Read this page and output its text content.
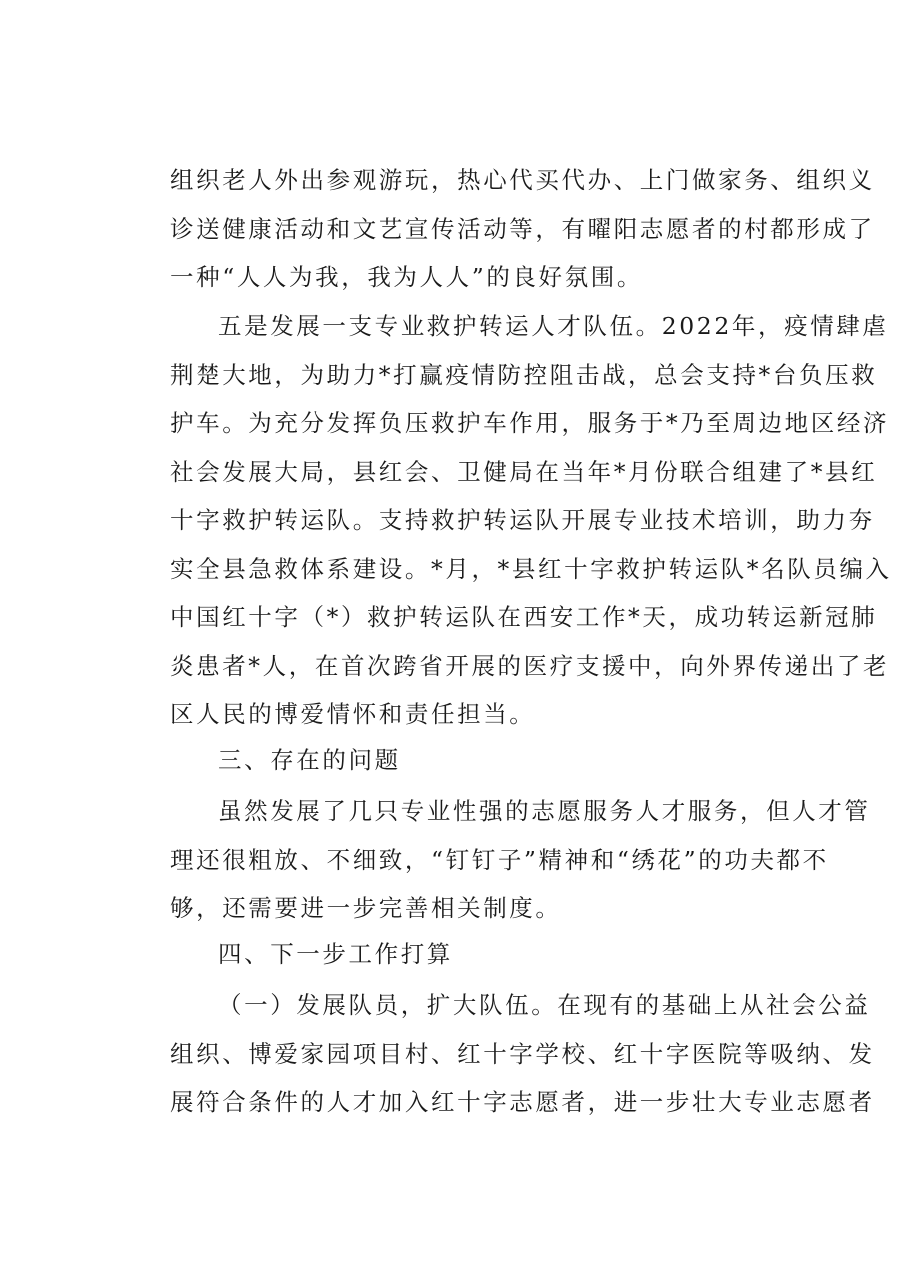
组织老人外出参观游玩，热心代买代办、上门做家务、组织义
诊送健康活动和文艺宣传活动等，有曜阳志愿者的村都形成了
一种“人人为我，我为人人”的良好氛围。
五是发展一支专业救护转运人才队伍。2022年，疫情肆虐
荆楚大地，为助力*打赢疫情防控阻击战，总会支持*台负压救
护车。为充分发挥负压救护车作用，服务于*乃至周边地区经济
社会发展大局，县红会、卫健局在当年*月份联合组建了*县红
十字救护转运队。支持救护转运队开展专业技术培训，助力夯
实全县急救体系建设。*月，*县红十字救护转运队*名队员编入
中国红十字（*）救护转运队在西安工作*天，成功转运新冠肺
炎患者*人，在首次跨省开展的医疗支援中，向外界传递出了老
区人民的博爱情怀和责任担当。
三、存在的问题
虽然发展了几只专业性强的志愿服务人才服务，但人才管
理还很粗放、不细致，“钉钉子”精神和“绣花”的功夫都不
够，还需要进一步完善相关制度。
四、下一步工作打算
（一）发展队员，扩大队伍。在现有的基础上从社会公益
组织、博爱家园项目村、红十字学校、红十字医院等吸纳、发
展符合条件的人才加入红十字志愿者，进一步壮大专业志愿者
